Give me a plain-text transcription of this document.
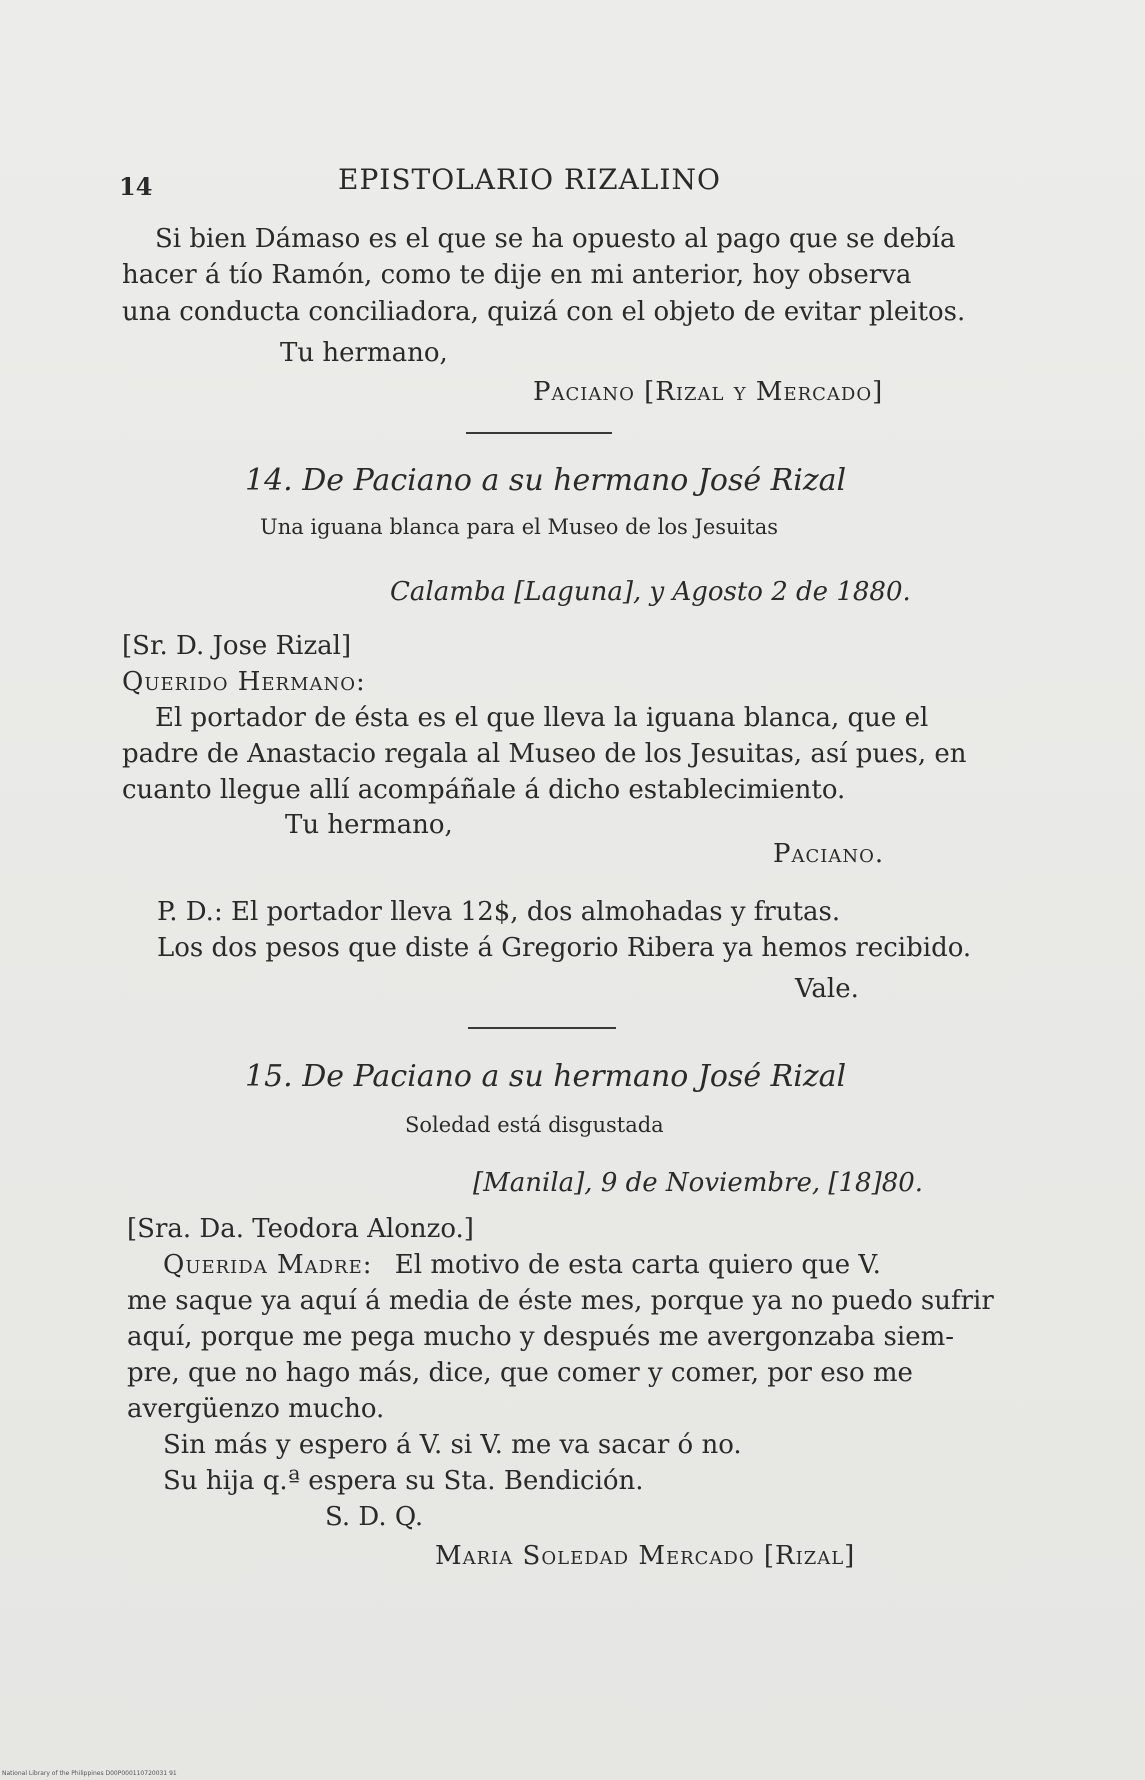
14	EPISTOLARIO RIZALINO
Si bien Dámaso es el que se ha opuesto al pago que se debía
hacer á tío Ramón, como te dije en mi anterior, hoy observa
una conducta conciliadora, quizá con el objeto de evitar pleitos.
Tu hermano,
Paciano [Rizal y Mercado]
14. De Paciano a su hermano José Rizal
Una iguana blanca para el Museo de los Jesuitas
Calamba [Laguna], y Agosto 2 de 1880.
[Sr. D. Jose Rizal]
Querido Hermano:
El portador de ésta es el que lleva la iguana blanca, que el
padre de Anastacio regala al Museo de los Jesuitas, así pues, en
cuanto llegue allí acompáñale á dicho establecimiento.
Tu hermano,
Paciano.
P. D.: El portador lleva 12$, dos almohadas y frutas.
Los dos pesos que diste á Gregorio Ribera ya hemos recibido.
Vale.
15. De Paciano a su hermano José Rizal
Soledad está disgustada
[Manila], 9 de Noviembre, [18]80.
[Sra. Da. Teodora Alonzo.]
Querida Madre: El motivo de esta carta quiero que V.
me saque ya aquí á media de éste mes, porque ya no puedo sufrir
aquí, porque me pega mucho y después me avergonzaba siem-
pre, que no hago más, dice, que comer y comer, por eso me
avergüenzo mucho.
Sin más y espero á V. si V. me va sacar ó no.
Su hija q.ª espera su Sta. Bendición.
S. D. Q.
Maria Soledad Mercado [Rizal]
National Library of the Philippines D00P000110720031 91
